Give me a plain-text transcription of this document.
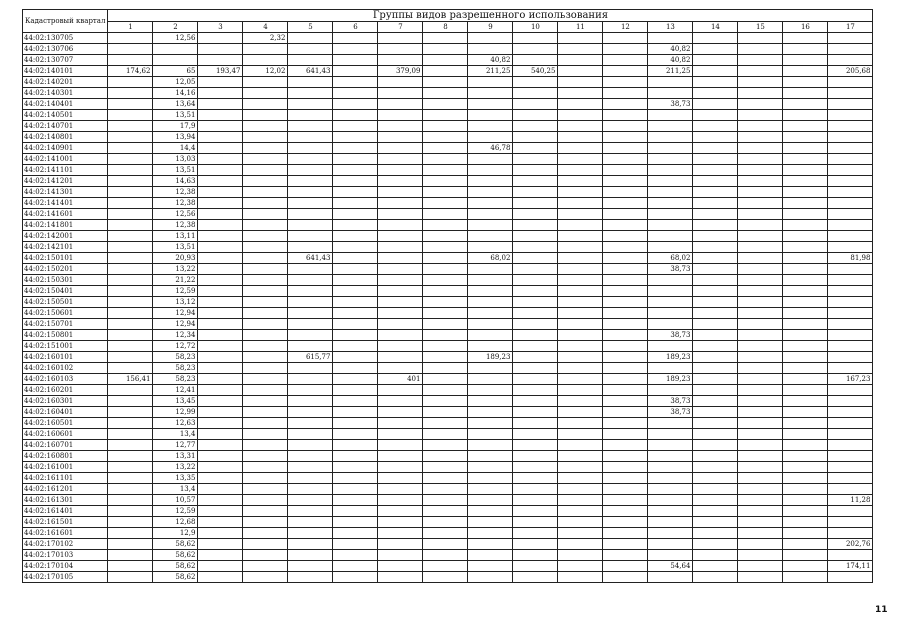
Кадастровый квартал	Группы видов разрешенного использования																
	1	2	3	4	5	6	7	8	9	10	11	12	13	14	15	16	17
44:02:130705		12,56		2,32													
44:02:130706													40,82				
44:02:130707									40,82				40,82				
44:02:140101	174,62	65	193,47	12,02	641,43		379,09		211,25	540,25			211,25				205,68
44:02:140201		12,05															
44:02:140301		14,16															
44:02:140401		13,64											38,73				
44:02:140501		13,51															
44:02:140701		17,9															
44:02:140801		13,94															
44:02:140901		14,4							46,78								
44:02:141001		13,03															
44:02:141101		13,51															
44:02:141201		14,63															
44:02:141301		12,38															
44:02:141401		12,38															
44:02:141601		12,56															
44:02:141801		12,38															
44:02:142001		13,11															
44:02:142101		13,51															
44:02:150101		20,93			641,43				68,02				68,02				81,98
44:02:150201		13,22											38,73				
44:02:150301		21,22															
44:02:150401		12,59															
44:02:150501		13,12															
44:02:150601		12,94															
44:02:150701		12,94															
44:02:150801		12,34											38,73				
44:02:151001		12,72															
44:02:160101		58,23			615,77				189,23				189,23				
44:02:160102		58,23															
44:02:160103	156,41	58,23					401						189,23				167,23
44:02:160201		12,41															
44:02:160301		13,45											38,73				
44:02:160401		12,99											38,73				
44:02:160501		12,63															
44:02:160601		13,4															
44:02:160701		12,77															
44:02:160801		13,31															
44:02:161001		13,22															
44:02:161101		13,35															
44:02:161201		13,4															
44:02:161301		10,57															11,28
44:02:161401		12,59															
44:02:161501		12,68															
44:02:161601		12,9															
44:02:170102		58,62															202,76
44:02:170103		58,62															
44:02:170104		58,62											54,64				174,11
44:02:170105		58,62															
11
